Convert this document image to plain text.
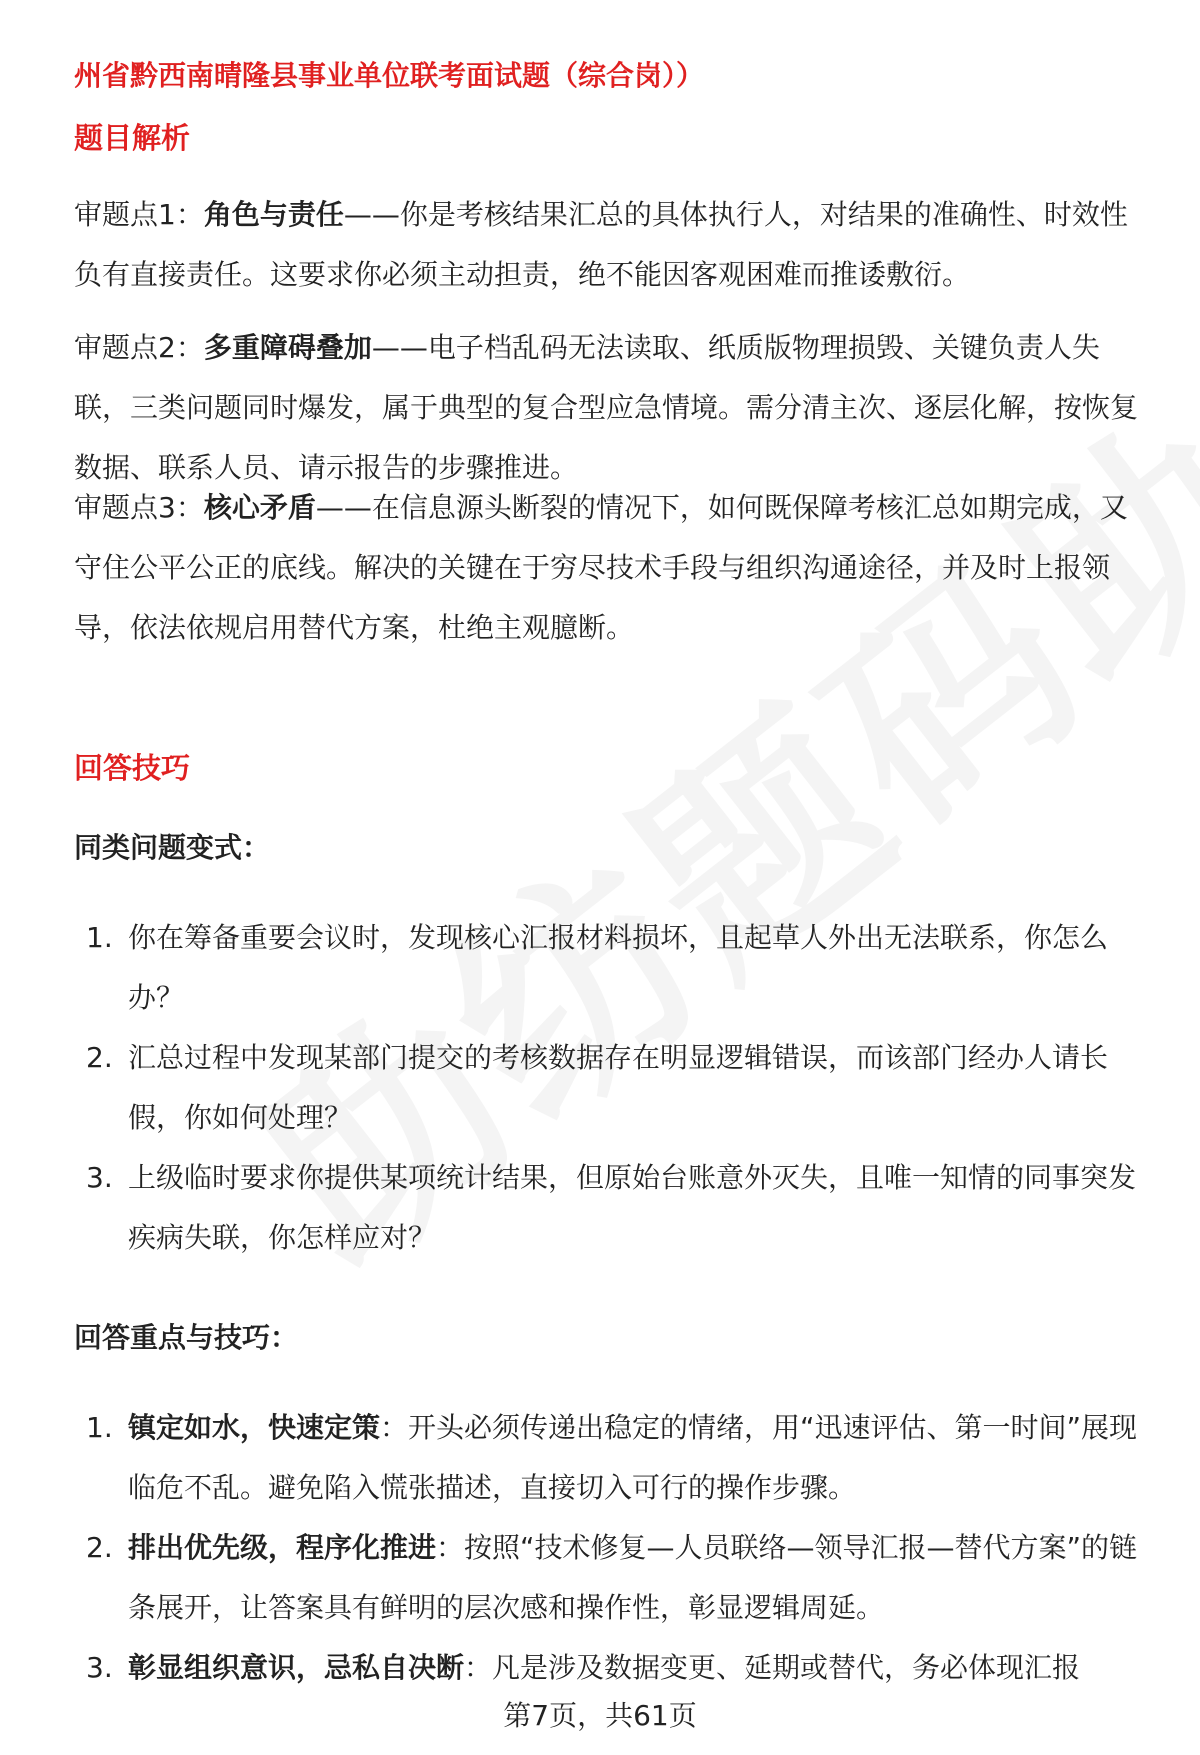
州省黔西南晴隆县事业单位联考面试题（综合岗））
题目解析

审题点1：角色与责任——你是考核结果汇总的具体执行人，对结果的准确性、时效性负有直接责任。这要求你必须主动担责，绝不能因客观困难而推诿敷衍。

审题点2：多重障碍叠加——电子档乱码无法读取、纸质版物理损毁、关键负责人失联，三类问题同时爆发，属于典型的复合型应急情境。需分清主次、逐层化解，按恢复数据、联系人员、请示报告的步骤推进。

审题点3：核心矛盾——在信息源头断裂的情况下，如何既保障考核汇总如期完成，又守住公平公正的底线。解决的关键在于穷尽技术手段与组织沟通途径，并及时上报领导，依法依规启用替代方案，杜绝主观臆断。

回答技巧
同类问题变式：
1. 你在筹备重要会议时，发现核心汇报材料损坏，且起草人外出无法联系，你怎么办？
2. 汇总过程中发现某部门提交的考核数据存在明显逻辑错误，而该部门经办人请长假，你如何处理？
3. 上级临时要求你提供某项统计结果，但原始台账意外灭失，且唯一知情的同事突发疾病失联，你怎样应对？
回答重点与技巧：
1. 镇定如水，快速定策：开头必须传递出稳定的情绪，用“迅速评估、第一时间”展现临危不乱。避免陷入慌张描述，直接切入可行的操作步骤。
2. 排出优先级，程序化推进：按照“技术修复—人员联络—领导汇报—替代方案”的链条展开，让答案具有鲜明的层次感和操作性，彰显逻辑周延。
3. 彰显组织意识，忌私自决断：凡是涉及数据变更、延期或替代，务必体现汇报
第7页，共61页
